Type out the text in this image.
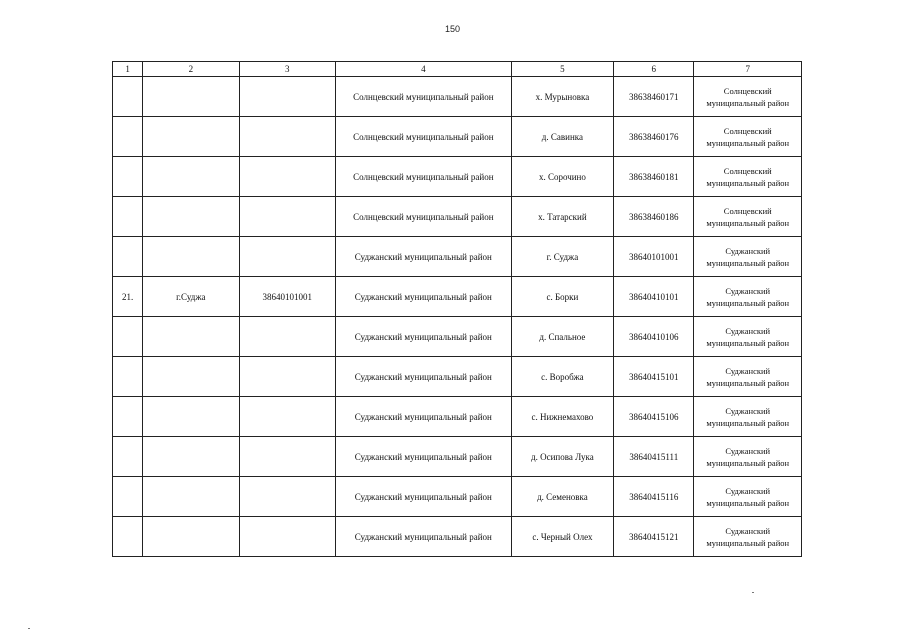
150
1	2	3	4	5	6	7
			Солнцевский муниципальный район	х. Мурыновка	38638460171	Солнцевский муниципальный район
			Солнцевский муниципальный район	д. Савинка	38638460176	Солнцевский муниципальный район
			Солнцевский муниципальный район	х. Сорочино	38638460181	Солнцевский муниципальный район
			Солнцевский муниципальный район	х. Татарский	38638460186	Солнцевский муниципальный район
			Суджанский муниципальный район	г. Суджа	38640101001	Суджанский муниципальный район
21.	г.Суджа	38640101001	Суджанский муниципальный район	с. Борки	38640410101	Суджанский муниципальный район
			Суджанский муниципальный район	д. Спальное	38640410106	Суджанский муниципальный район
			Суджанский муниципальный район	с. Воробжа	38640415101	Суджанский муниципальный район
			Суджанский муниципальный район	с. Нижнемахово	38640415106	Суджанский муниципальный район
			Суджанский муниципальный район	д. Осипова Лука	38640415111	Суджанский муниципальный район
			Суджанский муниципальный район	д. Семеновка	38640415116	Суджанский муниципальный район
			Суджанский муниципальный район	с. Черный Олех	38640415121	Суджанский муниципальный район
